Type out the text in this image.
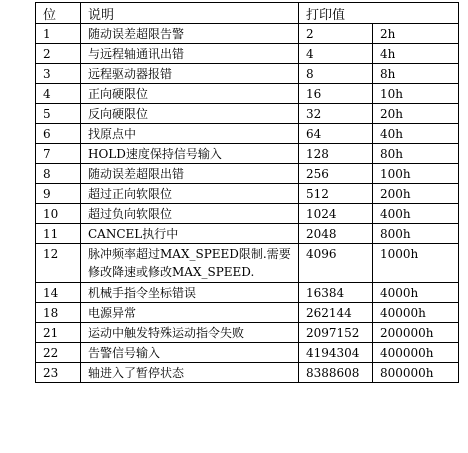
位	说明	打印值	
1	随动误差超限告警	2	2h
2	与远程轴通讯出错	4	4h
3	远程驱动器报错	8	8h
4	正向硬限位	16	10h
5	反向硬限位	32	20h
6	找原点中	64	40h
7	HOLD速度保持信号输入	128	80h
8	随动误差超限出错	256	100h
9	超过正向软限位	512	200h
10	超过负向软限位	1024	400h
11	CANCEL执行中	2048	800h
12	脉冲频率超过MAX_SPEED限制.需要修改降速或修改MAX_SPEED.	4096	1000h
14	机械手指令坐标错误	16384	4000h
18	电源异常	262144	40000h
21	运动中触发特殊运动指令失败	2097152	200000h
22	告警信号输入	4194304	400000h
23	轴进入了暂停状态	8388608	800000h
